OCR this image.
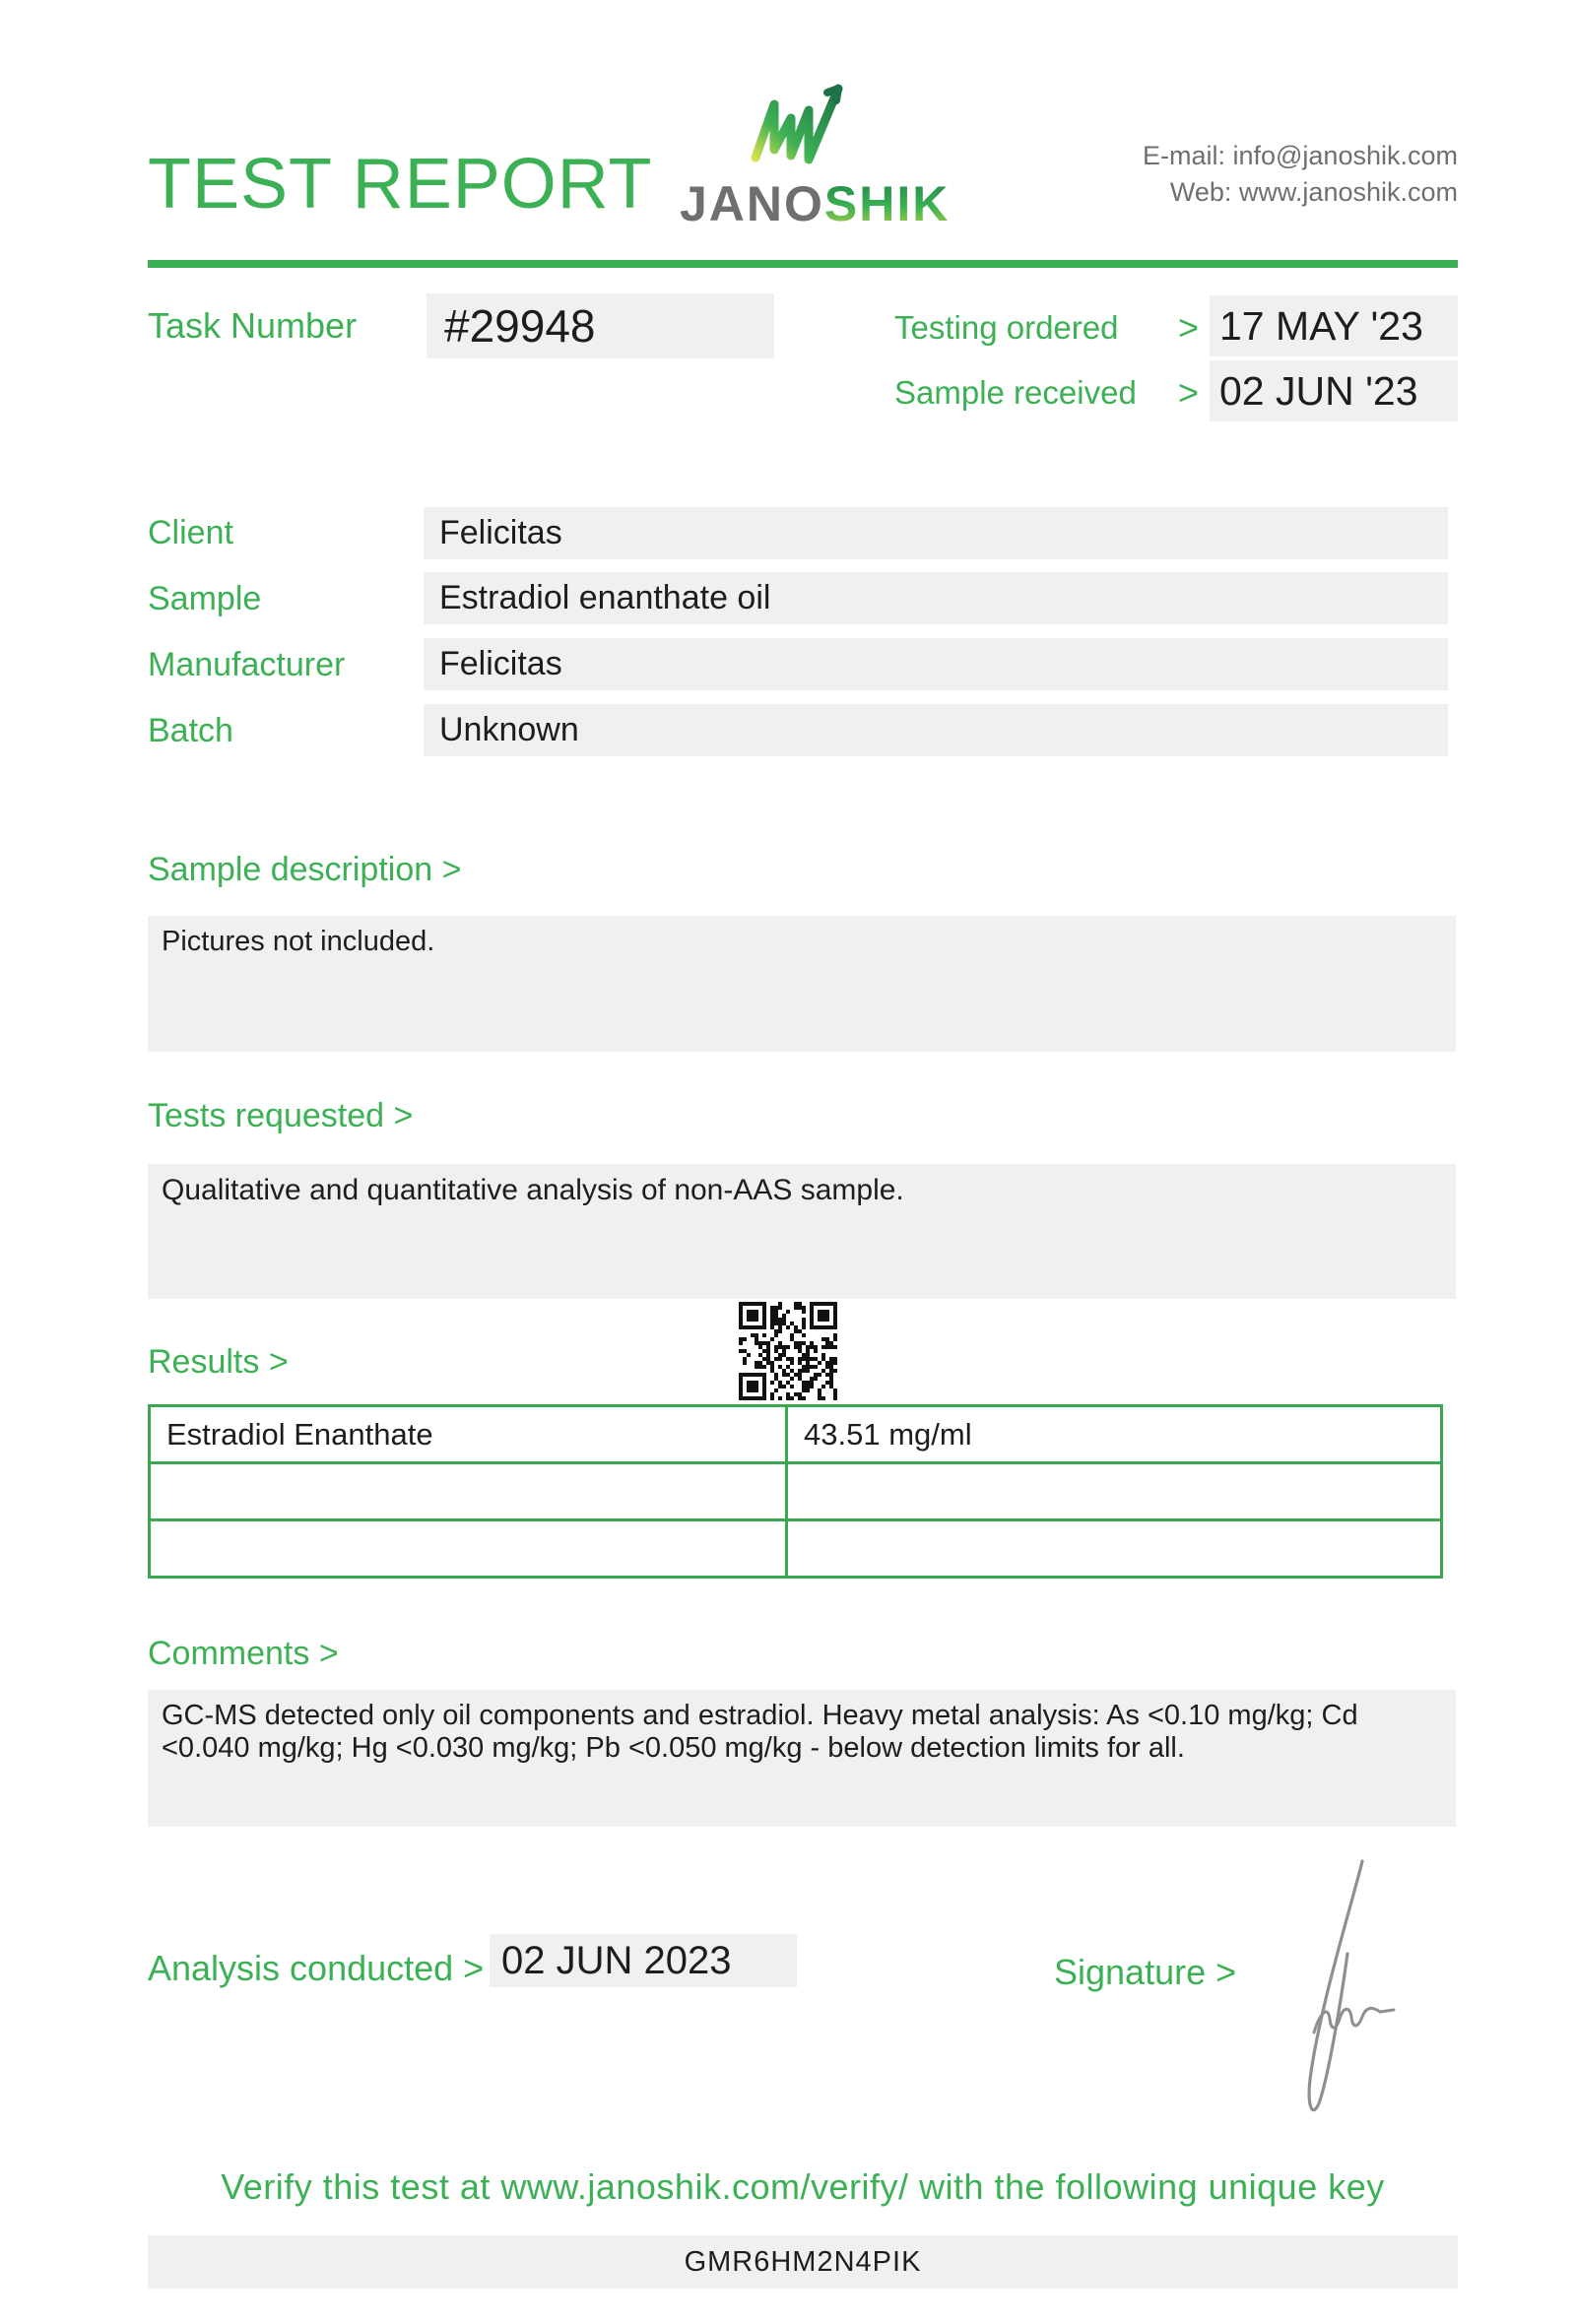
TEST REPORT JANOSHIK
E-mail: info@janoshik.com
Web: www.janoshik.com
Task Number	#29948	Testing ordered > 17 MAY '23
Sample received > 02 JUN '23
Client	Felicitas
Sample	Estradiol enanthate oil
Manufacturer	Felicitas
Batch	Unknown
Sample description >
Pictures not included.
Tests requested >
Qualitative and quantitative analysis of non-AAS sample.
Results >
Estradiol Enanthate	43.51 mg/ml

Comments >
GC-MS detected only oil components and estradiol. Heavy metal analysis: As <0.10 mg/kg; Cd <0.040 mg/kg; Hg <0.030 mg/kg; Pb <0.050 mg/kg - below detection limits for all.
Analysis conducted > 02 JUN 2023	Signature >
Verify this test at www.janoshik.com/verify/ with the following unique key
GMR6HM2N4PIK
